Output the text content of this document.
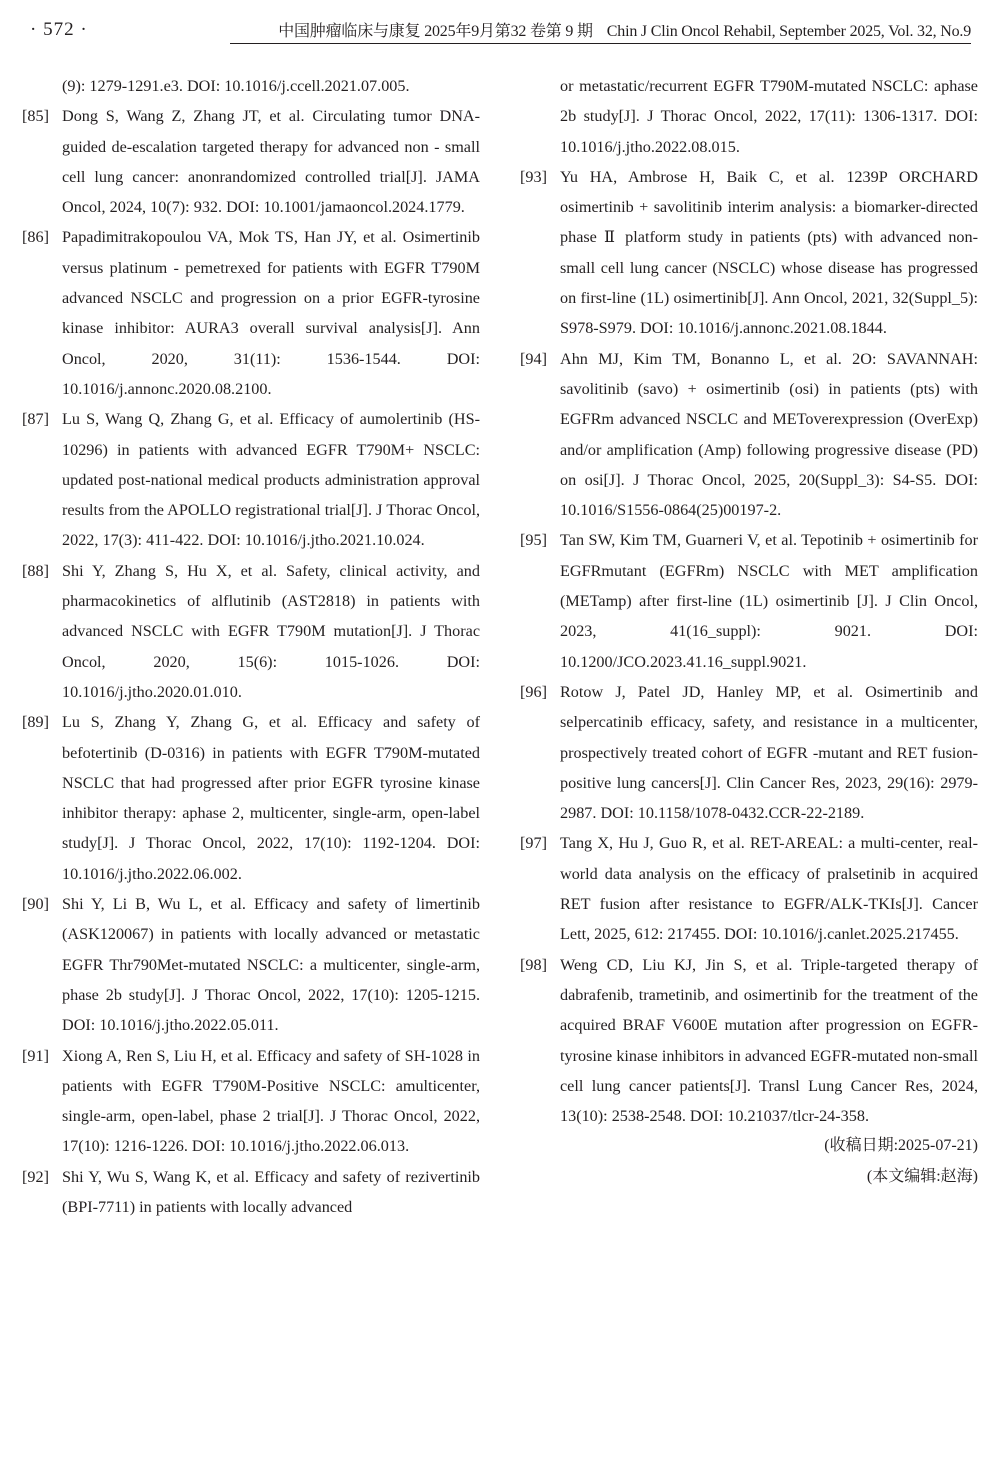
· 572 ·	中国肿瘤临床与康复 2025年9月第32 卷第 9 期 Chin J Clin Oncol Rehabil, September 2025, Vol. 32, No.9
(9): 1279-1291.e3. DOI: 10.1016/j.ccell.2021.07.005.
[85] Dong S, Wang Z, Zhang JT, et al. Circulating tumor DNA-guided de-escalation targeted therapy for advanced non - small cell lung cancer: anonrandomized controlled trial[J]. JAMA Oncol, 2024, 10(7): 932. DOI: 10.1001/jamaoncol.2024.1779.
[86] Papadimitrakopoulou VA, Mok TS, Han JY, et al. Osimertinib versus platinum - pemetrexed for patients with EGFR T790M advanced NSCLC and progression on a prior EGFR-tyrosine kinase inhibitor: AURA3 overall survival analysis[J]. Ann Oncol, 2020, 31(11): 1536-1544. DOI: 10.1016/j.annonc.2020.08.2100.
[87] Lu S, Wang Q, Zhang G, et al. Efficacy of aumolertinib (HS-10296) in patients with advanced EGFR T790M+ NSCLC: updated post-national medical products administration approval results from the APOLLO registrational trial[J]. J Thorac Oncol, 2022, 17(3): 411-422. DOI: 10.1016/j.jtho.2021.10.024.
[88] Shi Y, Zhang S, Hu X, et al. Safety, clinical activity, and pharmacokinetics of alflutinib (AST2818) in patients with advanced NSCLC with EGFR T790M mutation[J]. J Thorac Oncol, 2020, 15(6): 1015-1026. DOI: 10.1016/j.jtho.2020.01.010.
[89] Lu S, Zhang Y, Zhang G, et al. Efficacy and safety of befotertinib (D-0316) in patients with EGFR T790M-mutated NSCLC that had progressed after prior EGFR tyrosine kinase inhibitor therapy: aphase 2, multicenter, single-arm, open-label study[J]. J Thorac Oncol, 2022, 17(10): 1192-1204. DOI: 10.1016/j.jtho.2022.06.002.
[90] Shi Y, Li B, Wu L, et al. Efficacy and safety of limertinib (ASK120067) in patients with locally advanced or metastatic EGFR Thr790Met-mutated NSCLC: a multicenter, single-arm, phase 2b study[J]. J Thorac Oncol, 2022, 17(10): 1205-1215. DOI: 10.1016/j.jtho.2022.05.011.
[91] Xiong A, Ren S, Liu H, et al. Efficacy and safety of SH-1028 in patients with EGFR T790M-Positive NSCLC: amulticenter, single-arm, open-label, phase 2 trial[J]. J Thorac Oncol, 2022, 17(10): 1216-1226. DOI: 10.1016/j.jtho.2022.06.013.
[92] Shi Y, Wu S, Wang K, et al. Efficacy and safety of rezivertinib (BPI-7711) in patients with locally advanced
or metastatic/recurrent EGFR T790M-mutated NSCLC: aphase 2b study[J]. J Thorac Oncol, 2022, 17(11): 1306-1317. DOI: 10.1016/j.jtho.2022.08.015.
[93] Yu HA, Ambrose H, Baik C, et al. 1239P ORCHARD osimertinib + savolitinib interim analysis: a biomarker-directed phase Ⅱ platform study in patients (pts) with advanced non-small cell lung cancer (NSCLC) whose disease has progressed on first-line (1L) osimertinib[J]. Ann Oncol, 2021, 32(Suppl_5): S978-S979. DOI: 10.1016/j.annonc.2021.08.1844.
[94] Ahn MJ, Kim TM, Bonanno L, et al. 2O: SAVANNAH: savolitinib (savo) + osimertinib (osi) in patients (pts) with EGFRm advanced NSCLC and METoverexpression (OverExp) and/or amplification (Amp) following progressive disease (PD) on osi[J]. J Thorac Oncol, 2025, 20(Suppl_3): S4-S5. DOI: 10.1016/S1556-0864(25)00197-2.
[95] Tan SW, Kim TM, Guarneri V, et al. Tepotinib + osimertinib for EGFRmutant (EGFRm) NSCLC with MET amplification (METamp) after first-line (1L) osimertinib [J]. J Clin Oncol, 2023, 41(16_suppl): 9021. DOI: 10.1200/JCO.2023.41.16_suppl.9021.
[96] Rotow J, Patel JD, Hanley MP, et al. Osimertinib and selpercatinib efficacy, safety, and resistance in a multicenter, prospectively treated cohort of EGFR -mutant and RET fusion-positive lung cancers[J]. Clin Cancer Res, 2023, 29(16): 2979-2987. DOI: 10.1158/1078-0432.CCR-22-2189.
[97] Tang X, Hu J, Guo R, et al. RET-AREAL: a multi-center, real-world data analysis on the efficacy of pralsetinib in acquired RET fusion after resistance to EGFR/ALK-TKIs[J]. Cancer Lett, 2025, 612: 217455. DOI: 10.1016/j.canlet.2025.217455.
[98] Weng CD, Liu KJ, Jin S, et al. Triple-targeted therapy of dabrafenib, trametinib, and osimertinib for the treatment of the acquired BRAF V600E mutation after progression on EGFR-tyrosine kinase inhibitors in advanced EGFR-mutated non-small cell lung cancer patients[J]. Transl Lung Cancer Res, 2024, 13(10): 2538-2548. DOI: 10.21037/tlcr-24-358.
(收稿日期:2025-07-21)
(本文编辑:赵海)
